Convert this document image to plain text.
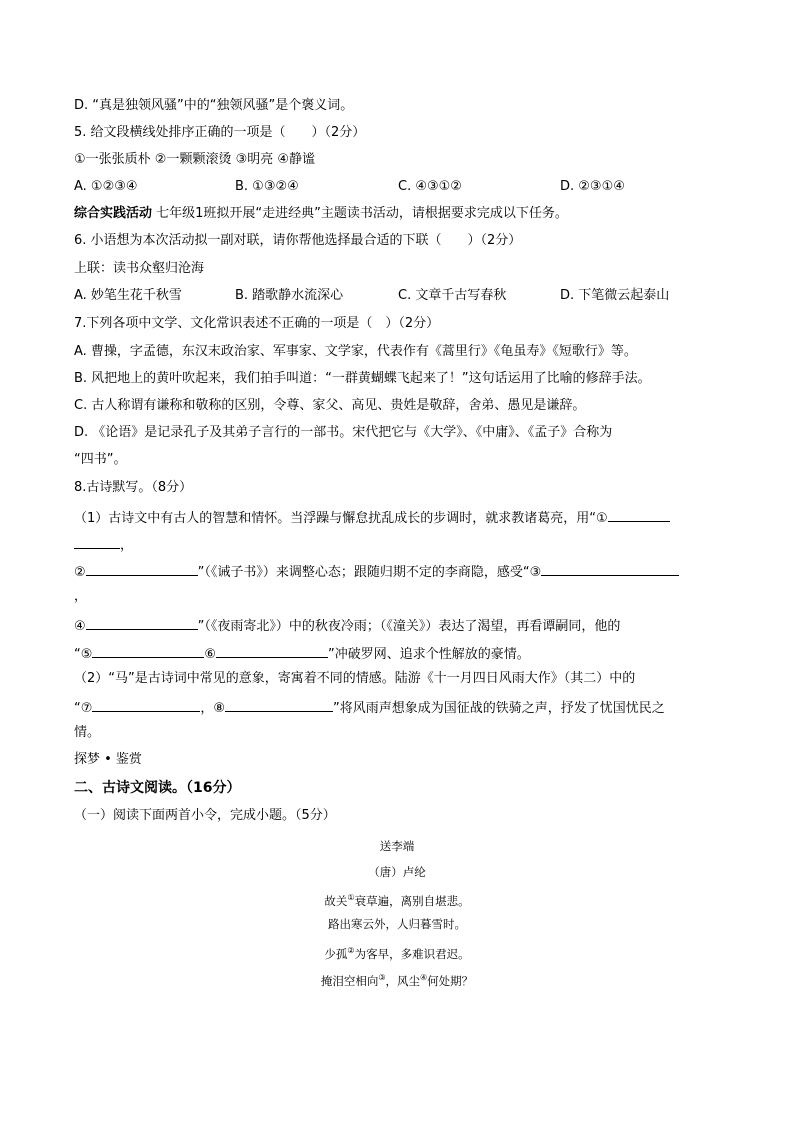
D. “真是独领风骚”中的“独领风骚”是个褒义词。
5. 给文段横线处排序正确的一项是（　　）（2分）
①一张张质朴 ②一颗颗滚烫 ③明亮 ④静谧
A. ①②③④	B. ①③②④	C. ④③①②	D. ②③①④
综合实践活动 七年级1班拟开展“走进经典”主题读书活动，请根据要求完成以下任务。
6. 小语想为本次活动拟一副对联，请你帮他选择最合适的下联（　　）（2分）
上联：读书众壑归沧海
A. 妙笔生花千秋雪	B. 踏歌静水流深心	C. 文章千古写春秋	D. 下笔微云起泰山
7.下列各项中文学、文化常识表述不正确的一项是（　）（2分）
A. 曹操，字孟德，东汉末政治家、军事家、文学家，代表作有《蒿里行》《龟虽寿》《短歌行》等。
B. 风把地上的黄叶吹起来，我们拍手叫道：“一群黄蝴蝶飞起来了！”这句话运用了比喻的修辞手法。
C. 古人称谓有谦称和敬称的区别，令尊、家父、高见、贵姓是敬辞，舍弟、愚见是谦辞。
D. 《论语》是记录孔子及其弟子言行的一部书。宋代把它与《大学》、《中庸》、《孟子》合称为
“四书”。
8.古诗默写。（8分）
（1）古诗文中有古人的智慧和情怀。当浮躁与懈怠扰乱成长的步调时，就求教诸葛亮，用“①
，
②	”（《诫子书》）来调整心态；跟随归期不定的李商隐，感受“③
，
④	”（《夜雨寄北》）中的秋夜冷雨；（《潼关》）表达了渴望，再看谭嗣同，他的
“⑤	⑥	”冲破罗网、追求个性解放的豪情。
（2）“马”是古诗词中常见的意象，寄寓着不同的情感。陆游《十一月四日风雨大作》（其二）中的
“⑦	，⑧	”将风雨声想象成为国征战的铁骑之声，抒发了忧国忧民之
情。
探梦 • 鉴赏
二、古诗文阅读。（16分）
（一）阅读下面两首小令，完成小题。（5分）
送李端
（唐）卢纶
故关①衰草遍，离别自堪悲。
路出寒云外，人归暮雪时。
少孤②为客早，多难识君迟。
掩泪空相向③，风尘④何处期？
